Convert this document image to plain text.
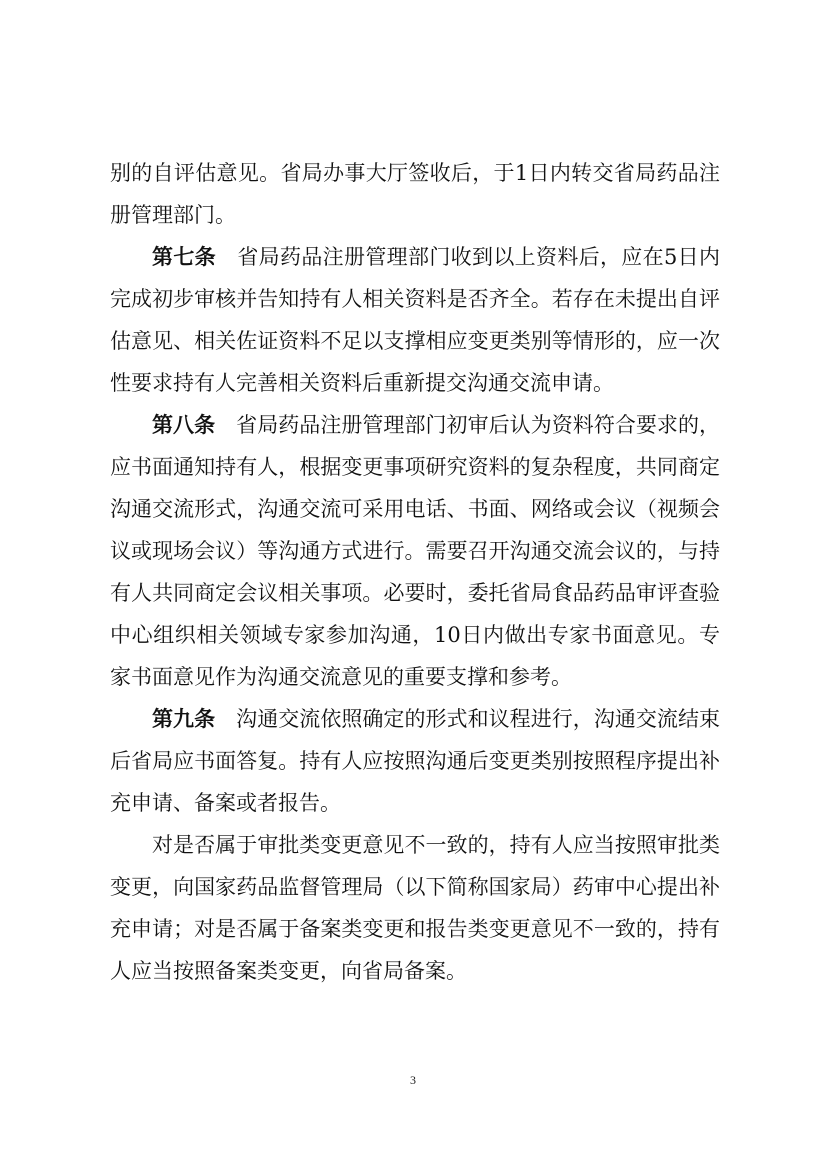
别的自评估意见。省局办事大厅签收后，于1日内转交省局药品注册管理部门。

第七条  省局药品注册管理部门收到以上资料后，应在5日内完成初步审核并告知持有人相关资料是否齐全。若存在未提出自评估意见、相关佐证资料不足以支撑相应变更类别等情形的，应一次性要求持有人完善相关资料后重新提交沟通交流申请。

第八条  省局药品注册管理部门初审后认为资料符合要求的，应书面通知持有人，根据变更事项研究资料的复杂程度，共同商定沟通交流形式，沟通交流可采用电话、书面、网络或会议（视频会议或现场会议）等沟通方式进行。需要召开沟通交流会议的，与持有人共同商定会议相关事项。必要时，委托省局食品药品审评查验中心组织相关领域专家参加沟通，10日内做出专家书面意见。专家书面意见作为沟通交流意见的重要支撑和参考。

第九条  沟通交流依照确定的形式和议程进行，沟通交流结束后省局应书面答复。持有人应按照沟通后变更类别按照程序提出补充申请、备案或者报告。

对是否属于审批类变更意见不一致的，持有人应当按照审批类变更，向国家药品监督管理局（以下简称国家局）药审中心提出补充申请；对是否属于备案类变更和报告类变更意见不一致的，持有人应当按照备案类变更，向省局备案。

3
